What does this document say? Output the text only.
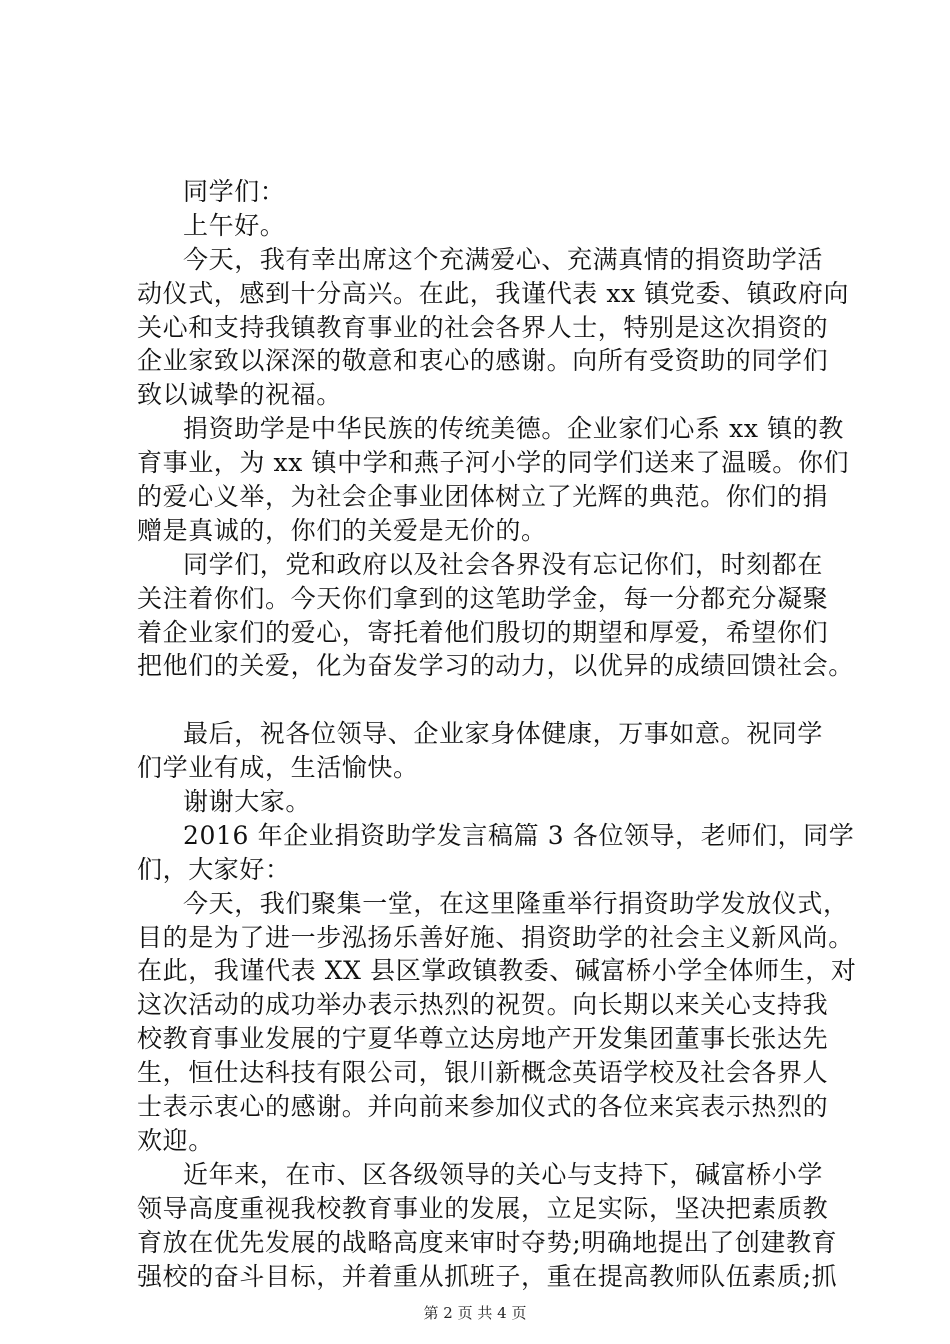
同学们：
上午好。
今天，我有幸出席这个充满爱心、充满真情的捐资助学活
动仪式，感到十分高兴。在此，我谨代表 xx 镇党委、镇政府向
关心和支持我镇教育事业的社会各界人士，特别是这次捐资的
企业家致以深深的敬意和衷心的感谢。向所有受资助的同学们
致以诚挚的祝福。
捐资助学是中华民族的传统美德。企业家们心系 xx 镇的教
育事业，为 xx 镇中学和燕子河小学的同学们送来了温暖。你们
的爱心义举，为社会企事业团体树立了光辉的典范。你们的捐
赠是真诚的，你们的关爱是无价的。
同学们，党和政府以及社会各界没有忘记你们，时刻都在
关注着你们。今天你们拿到的这笔助学金，每一分都充分凝聚
着企业家们的爱心，寄托着他们殷切的期望和厚爱，希望你们
把他们的关爱，化为奋发学习的动力，以优异的成绩回馈社会。
最后，祝各位领导、企业家身体健康，万事如意。祝同学
们学业有成，生活愉快。
谢谢大家。
2016 年企业捐资助学发言稿篇 3 各位领导，老师们，同学
们，大家好：
今天，我们聚集一堂，在这里隆重举行捐资助学发放仪式，
目的是为了进一步泓扬乐善好施、捐资助学的社会主义新风尚。
在此，我谨代表 XX 县区掌政镇教委、碱富桥小学全体师生，对
这次活动的成功举办表示热烈的祝贺。向长期以来关心支持我
校教育事业发展的宁夏华尊立达房地产开发集团董事长张达先
生，恒仕达科技有限公司，银川新概念英语学校及社会各界人
士表示衷心的感谢。并向前来参加仪式的各位来宾表示热烈的
欢迎。
近年来，在市、区各级领导的关心与支持下，碱富桥小学
领导高度重视我校教育事业的发展，立足实际，坚决把素质教
育放在优先发展的战略高度来审时夺势;明确地提出了创建教育
强校的奋斗目标，并着重从抓班子，重在提高教师队伍素质;抓
第 2 页 共 4 页
